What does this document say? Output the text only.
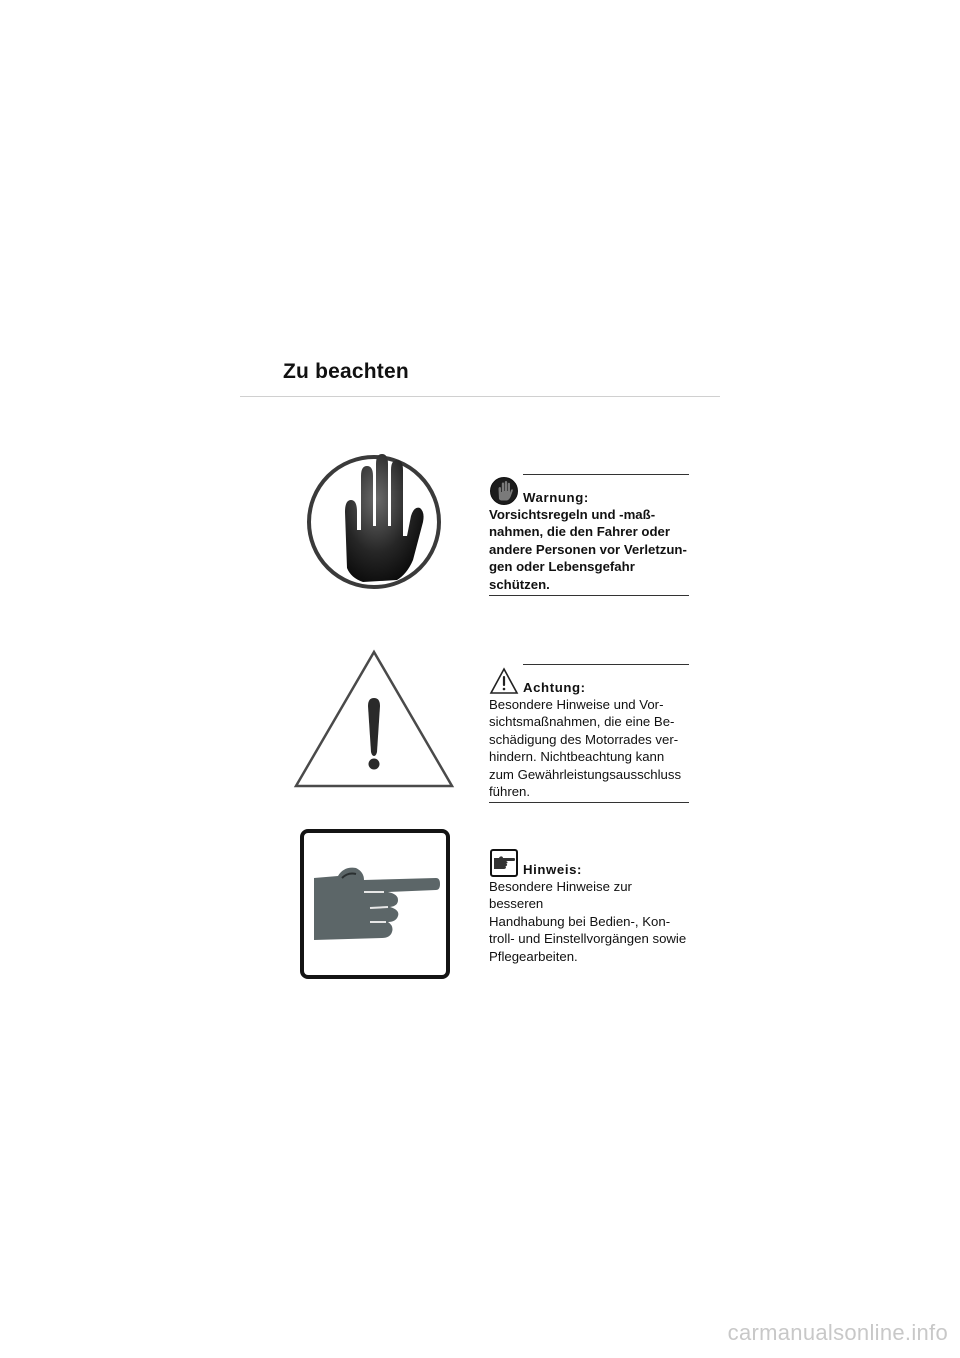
Zu beachten
Warnung:
Vorsichtsregeln und -maß-
nahmen, die den Fahrer oder
andere Personen vor Verletzun-
gen oder Lebensgefahr
schützen.
Achtung:
Besondere Hinweise und Vor-
sichtsmaßnahmen, die eine Be-
schädigung des Motorrades ver-
hindern. Nichtbeachtung kann
zum Gewährleistungsausschluss
führen.
Hinweis:
Besondere Hinweise zur besseren
Handhabung bei Bedien-, Kon-
troll- und Einstellvorgängen sowie
Pflegearbeiten.
carmanualsonline.info
